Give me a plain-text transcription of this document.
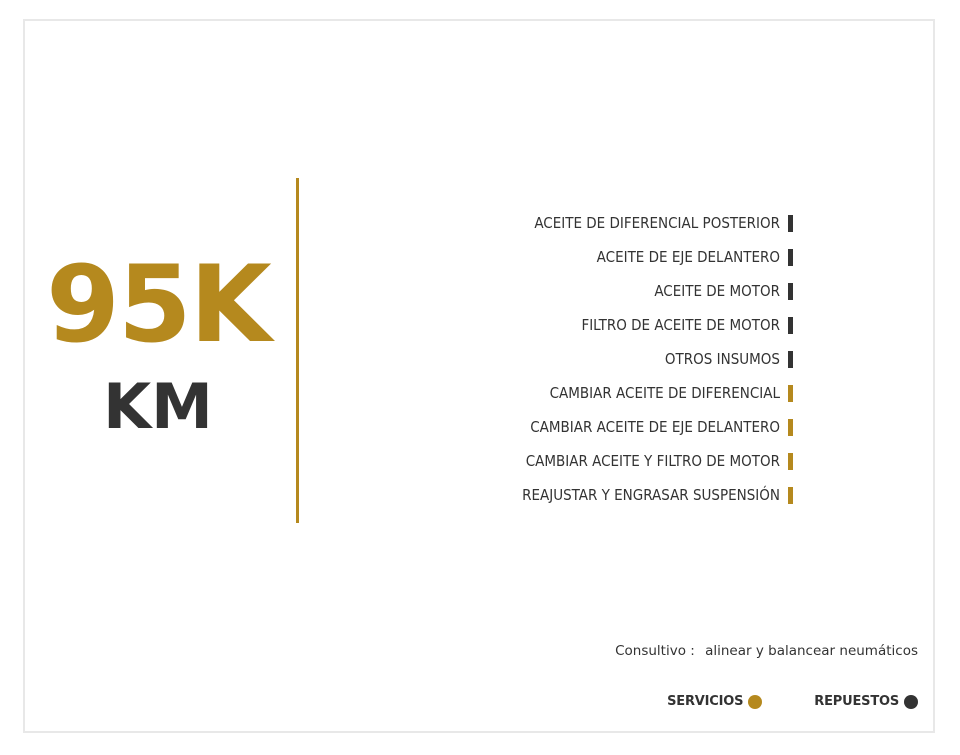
95K
KM
ACEITE DE DIFERENCIAL POSTERIOR
ACEITE DE EJE DELANTERO
ACEITE DE MOTOR
FILTRO DE ACEITE DE MOTOR
OTROS INSUMOS
CAMBIAR ACEITE DE DIFERENCIAL
CAMBIAR ACEITE DE EJE DELANTERO
CAMBIAR ACEITE Y FILTRO DE MOTOR
REAJUSTAR Y ENGRASAR SUSPENSIÓN
Consultivo : alinear y balancear neumáticos
SERVICIOS	REPUESTOS
